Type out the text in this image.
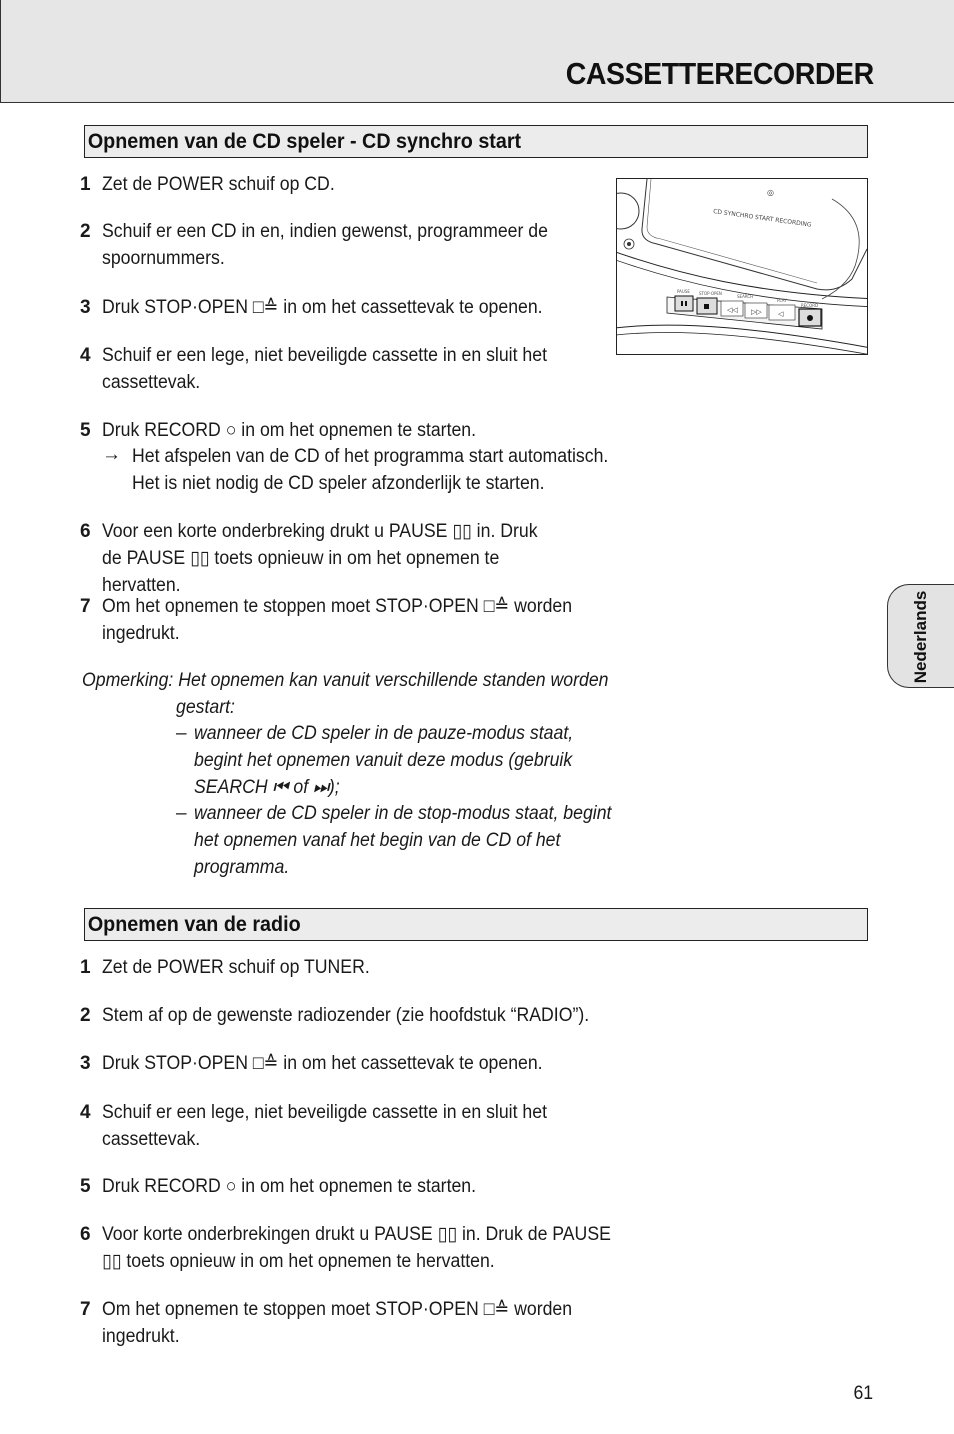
CASSETTERECORDER
Opnemen van de CD speler - CD synchro start
1 Zet de POWER schuif op CD.
2 Schuif er een CD in en, indien gewenst, programmeer de spoornummers.
3 Druk STOP·OPEN □≙ in om het cassettevak te openen.
4 Schuif er een lege, niet beveiligde cassette in en sluit het cassettevak.
5 Druk RECORD ○ in om het opnemen te starten.
→ Het afspelen van de CD of het programma start automatisch. Het is niet nodig de CD speler afzonderlijk te starten.
6 Voor een korte onderbreking drukt u PAUSE ▯▯ in. Druk de PAUSE ▯▯ toets opnieuw in om het opnemen te hervatten.
7 Om het opnemen te stoppen moet STOP·OPEN □≙ worden ingedrukt.
Opmerking: Het opnemen kan vanuit verschillende standen worden
gestart:
– wanneer de CD speler in de pauze-modus staat, begint het opnemen vanuit deze modus (gebruik SEARCH ⏮ of ⏭);
– wanneer de CD speler in de stop-modus staat, begint het opnemen vanaf het begin van de CD of het programma.
◎
CD SYNCHRO START RECORDING
◁◁ ▷▷ ◁
PAUSE STOP·OPEN
SEARCH
PLAY
RECORD
Nederlands
Opnemen van de radio
1 Zet de POWER schuif op TUNER.
2 Stem af op de gewenste radiozender (zie hoofdstuk “RADIO”).
3 Druk STOP·OPEN □≙ in om het cassettevak te openen.
4 Schuif er een lege, niet beveiligde cassette in en sluit het cassettevak.
5 Druk RECORD ○ in om het opnemen te starten.
6 Voor korte onderbrekingen drukt u PAUSE ▯▯ in. Druk de PAUSE ▯▯ toets opnieuw in om het opnemen te hervatten.
7 Om het opnemen te stoppen moet STOP·OPEN □≙ worden ingedrukt.
61
